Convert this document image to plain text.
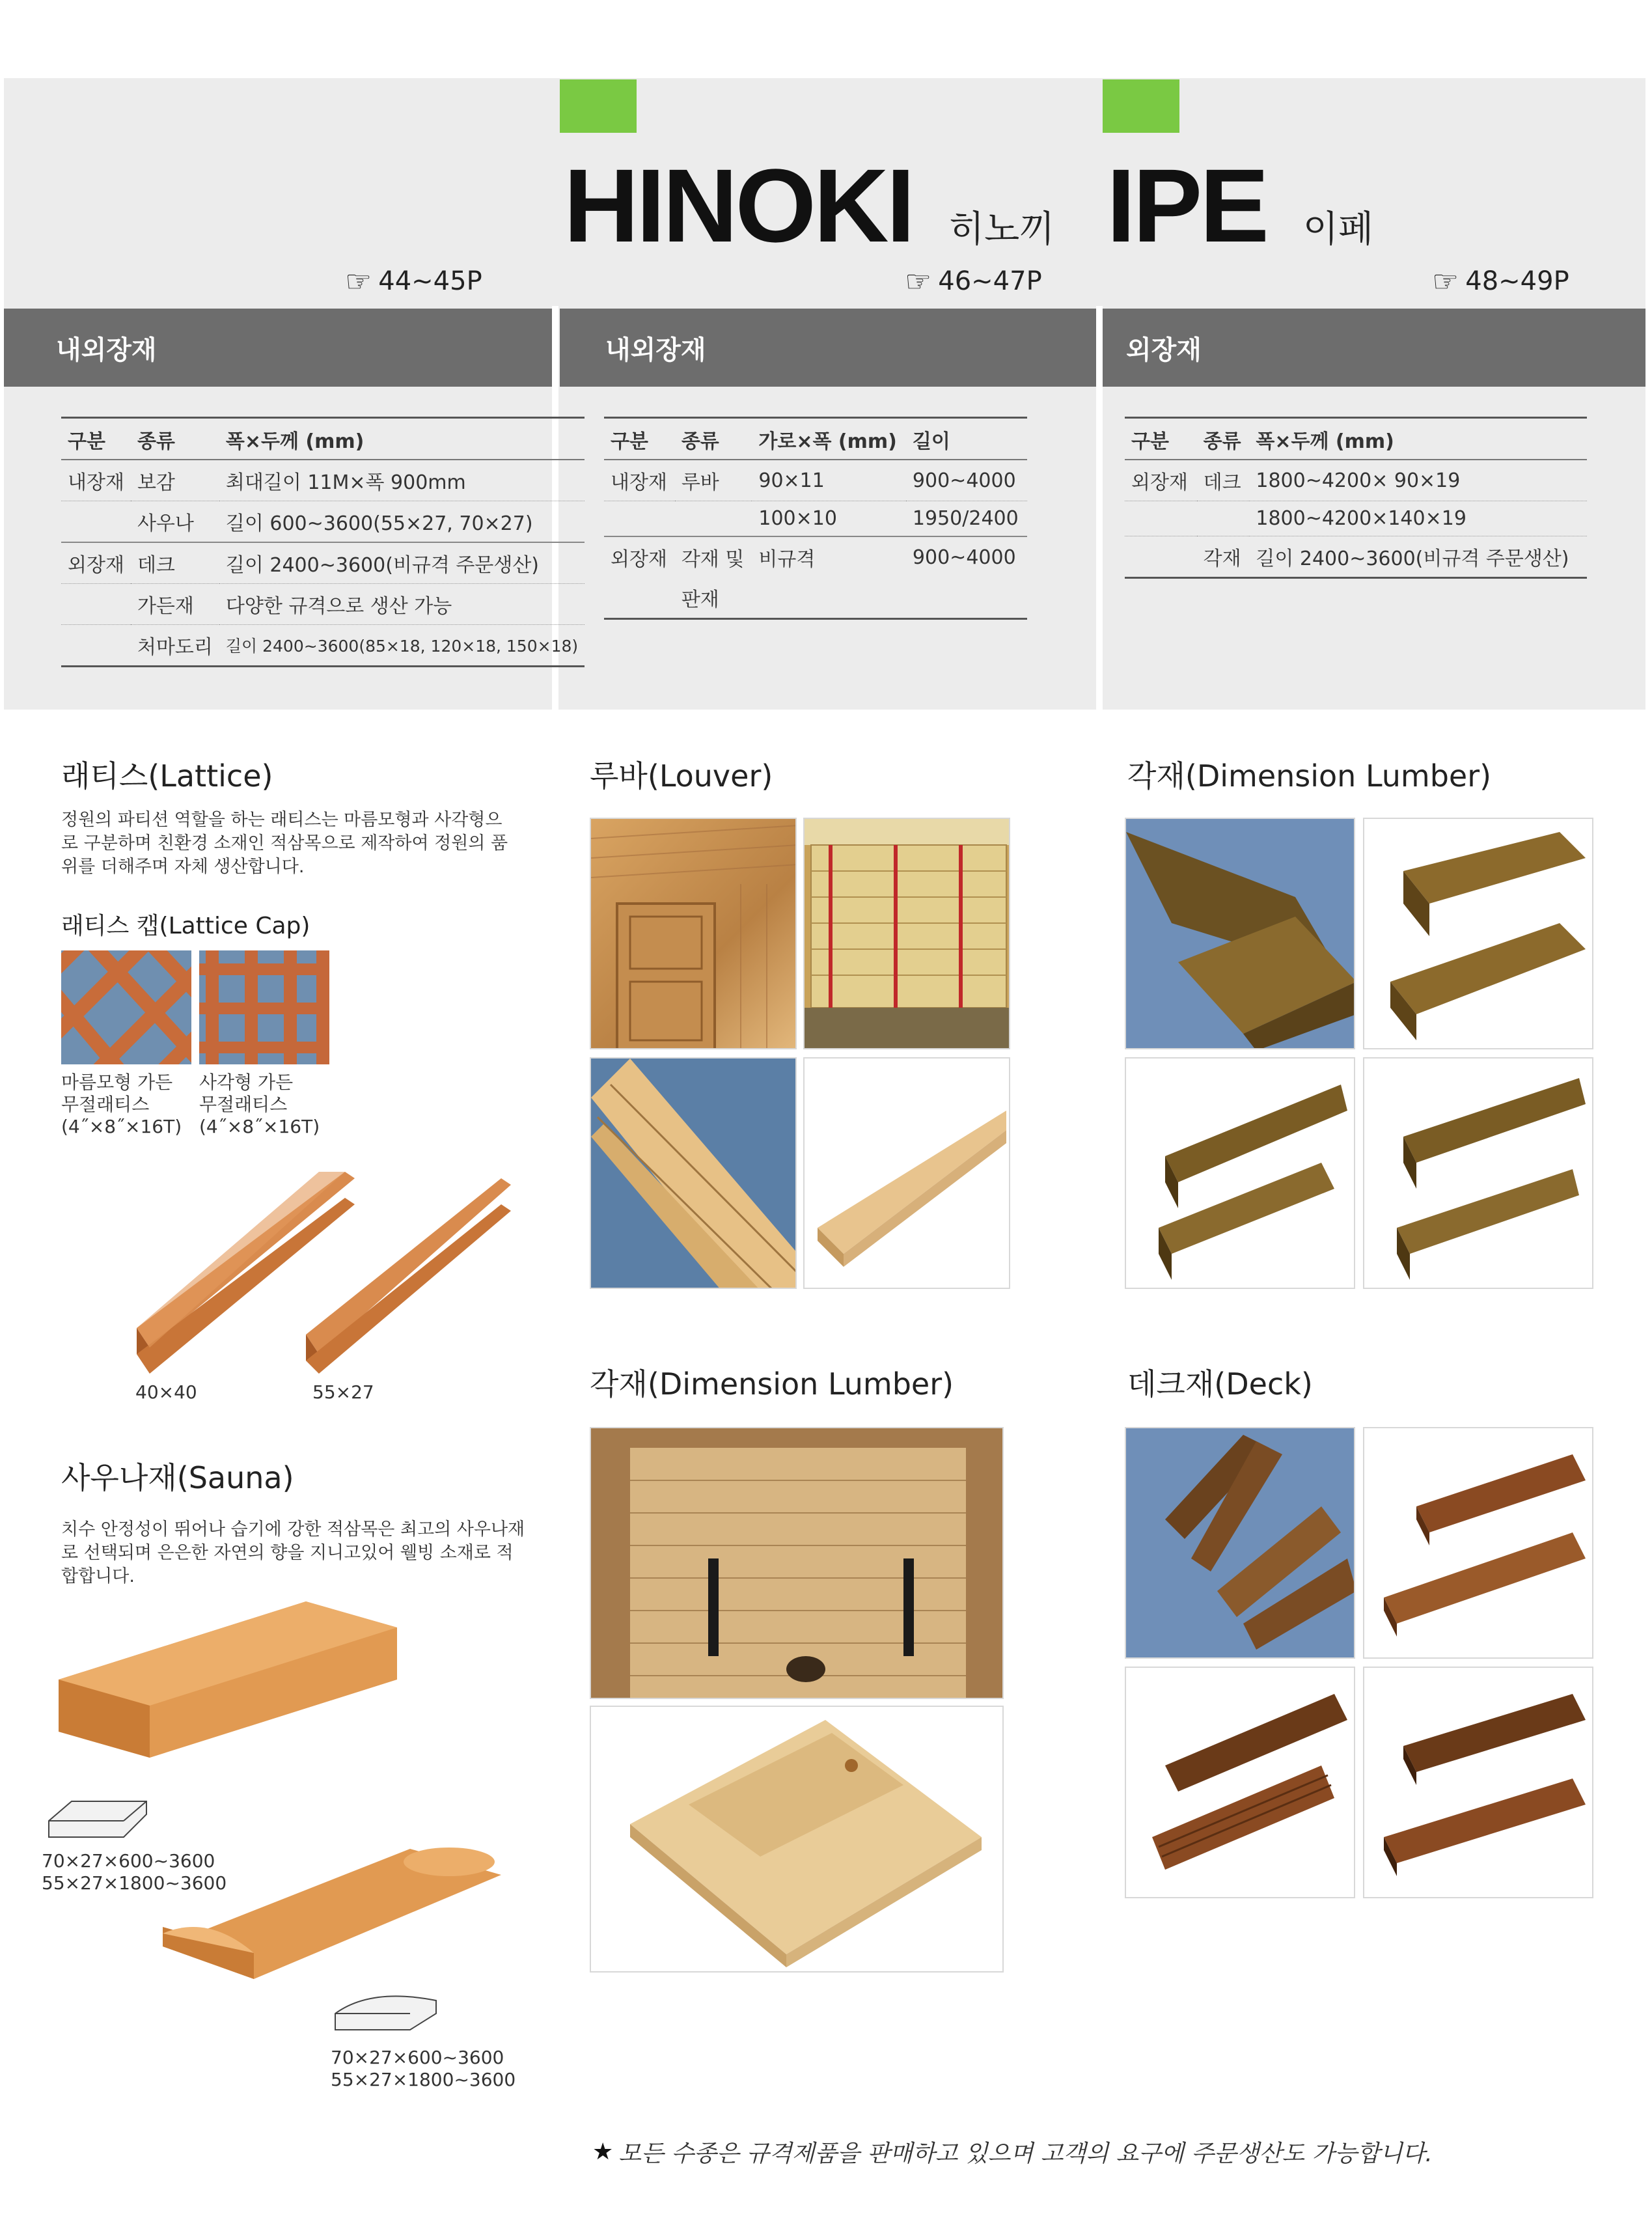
HINOKI 히노끼 IPE 이페
☞ 44~45P	☞ 46~47P	☞ 48~49P
내외장재	내외장재	외장재
구분	종류	폭×두께 (mm)
내장재	보감	최대길이 11M×폭 900mm
	사우나	길이 600~3600(55×27, 70×27)
외장재	데크	길이 2400~3600(비규격 주문생산)
	가든재	다양한 규격으로 생산 가능
	처마도리	길이 2400~3600(85×18, 120×18, 150×18)
구분	종류	가로×폭 (mm)	길이
내장재	루바	90×11	900~4000
		100×10	1950/2400
외장재	각재 및	비규격	900~4000
	판재		
구분	종류	폭×두께 (mm)
외장재	데크	1800~4200× 90×19
		1800~4200×140×19
	각재	길이 2400~3600(비규격 주문생산)
래티스(Lattice)
정원의 파티션 역할을 하는 래티스는 마름모형과 사각형으로 구분하며 친환경 소재인 적삼목으로 제작하여 정원의 품위를 더해주며 자체 생산합니다.
래티스 캡(Lattice Cap)
마름모형 가든
무절래티스
(4˝×8˝×16T)
사각형 가든
무절래티스
(4˝×8˝×16T)
40×40	55×27
사우나재(Sauna)
치수 안정성이 뛰어나 습기에 강한 적삼목은 최고의 사우나재로 선택되며 은은한 자연의 향을 지니고있어 웰빙 소재로 적합합니다.
70×27×600~3600
55×27×1800~3600
70×27×600~3600
55×27×1800~3600
루바(Louver)
각재(Dimension Lumber)
각재(Dimension Lumber)
데크재(Deck)
★ 모든 수종은 규격제품을 판매하고 있으며 고객의 요구에 주문생산도 가능합니다.
